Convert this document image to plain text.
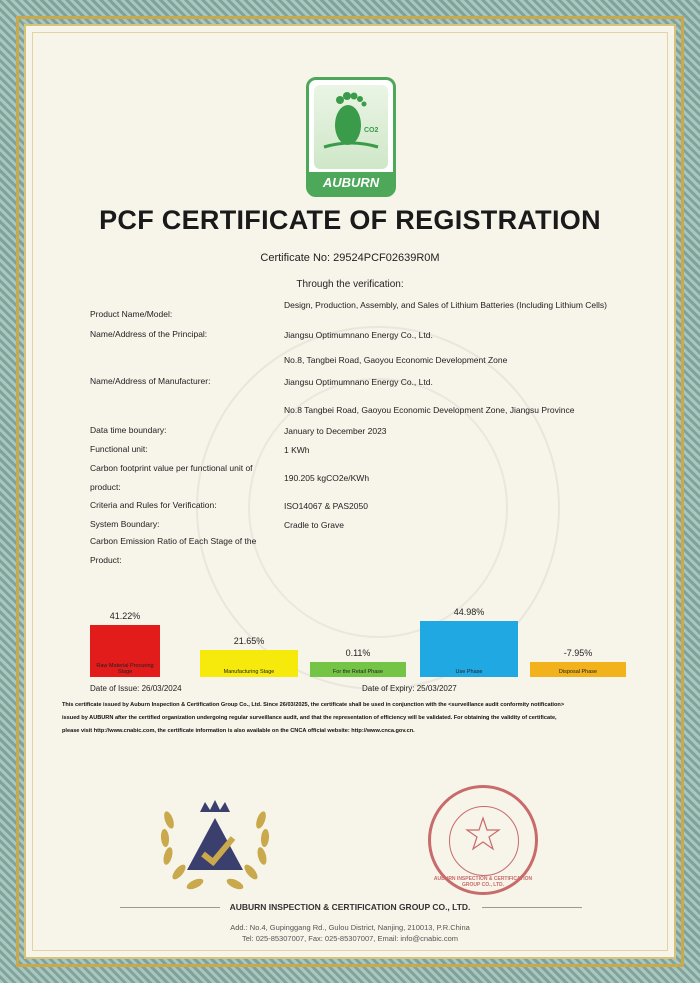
CO2
AUBURN
PCF CERTIFICATE OF REGISTRATION
Certificate No: 29524PCF02639R0M
Through the verification:
Product Name/Model:
Design, Production, Assembly, and Sales of Lithium Batteries (Including Lithium Cells)
Name/Address of the Principal:	Jiangsu Optimumnano Energy Co., Ltd.
No.8, Tangbei Road, Gaoyou Economic Development Zone
Name/Address of Manufacturer:	Jiangsu Optimumnano Energy Co., Ltd.
No.8 Tangbei Road, Gaoyou Economic Development Zone, Jiangsu Province
Data time boundary:	January to December 2023
Functional unit:	1 KWh
Carbon footprint value per functional unit of product:
190.205 kgCO2e/KWh
Criteria and Rules for Verification:	ISO14067 & PAS2050
System Boundary:	Cradle to Grave
Carbon Emission Ratio of Each Stage of the Product:
Raw Material Procuring Stage
41.22%
Manufacturing Stage
21.65%
For the Retail Phase
0.11%
Use Phase
44.98%
Disposal Phase
-7.95%
Date of Issue: 26/03/2024	Date of Expiry: 25/03/2027
This certificate issued by Auburn Inspection & Certification Group Co., Ltd. Since 26/03/2025, the certificate shall be used in conjunction with the <surveillance audit conformity notification>
issued by AUBURN after the certified organization undergoing regular surveillance audit, and that the representation of efficiency will be validated. For obtaining the validity of certificate,
please visit http://www.cnabic.com, the certificate information is also available on the CNCA official website: http://www.cnca.gov.cn.
AUBURN INSPECTION & CERTIFICATION GROUP CO., LTD.
AUBURN INSPECTION & CERTIFICATION GROUP CO., LTD.
Add.: No.4, Gupinggang Rd., Gulou District, Nanjing, 210013, P.R.China
Tel: 025-85307007, Fax: 025-85307007, Email: info@cnabic.com
